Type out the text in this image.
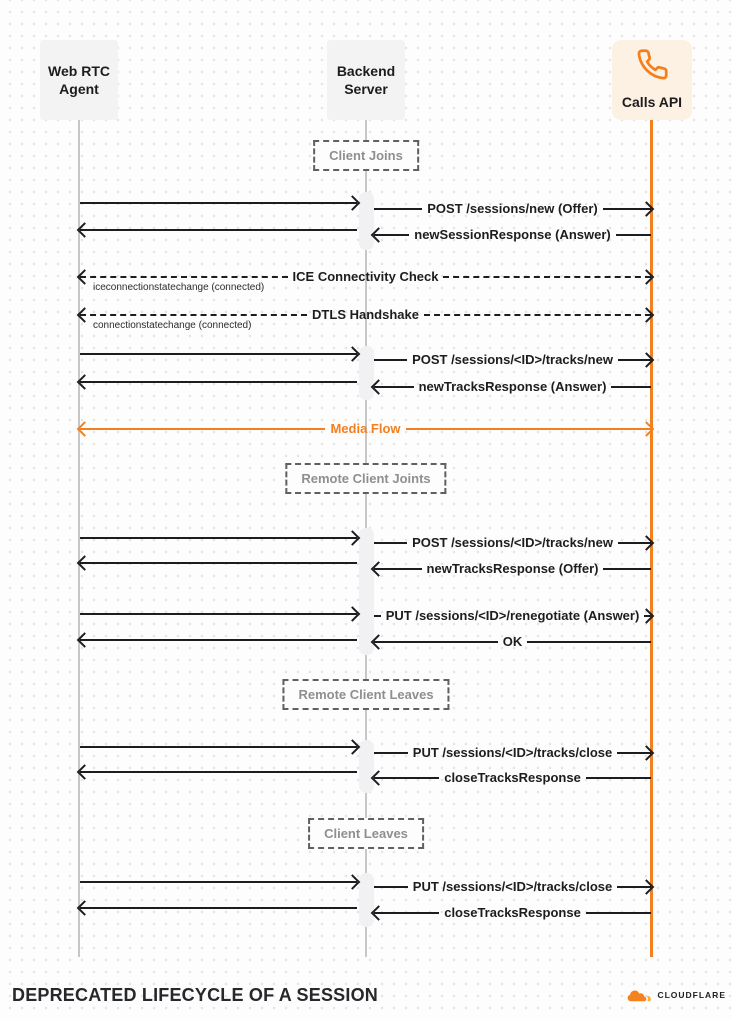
Client Joins
Remote Client Joints
Remote Client Leaves
Client Leaves
POST /sessions/new (Offer)
newSessionResponse (Answer)
ICE Connectivity Check
iceconnectionstatechange (connected)
DTLS Handshake
connectionstatechange (connected)
POST /sessions/<ID>/tracks/new
newTracksResponse (Answer)
Media Flow
POST /sessions/<ID>/tracks/new
newTracksResponse (Offer)
PUT /sessions/<ID>/renegotiate (Answer)
OK
PUT /sessions/<ID>/tracks/close
closeTracksResponse
PUT /sessions/<ID>/tracks/close
closeTracksResponse
Web RTC Agent
Backend Server
Calls API
DEPRECATED LIFECYCLE OF A SESSION	CLOUDFLARE
